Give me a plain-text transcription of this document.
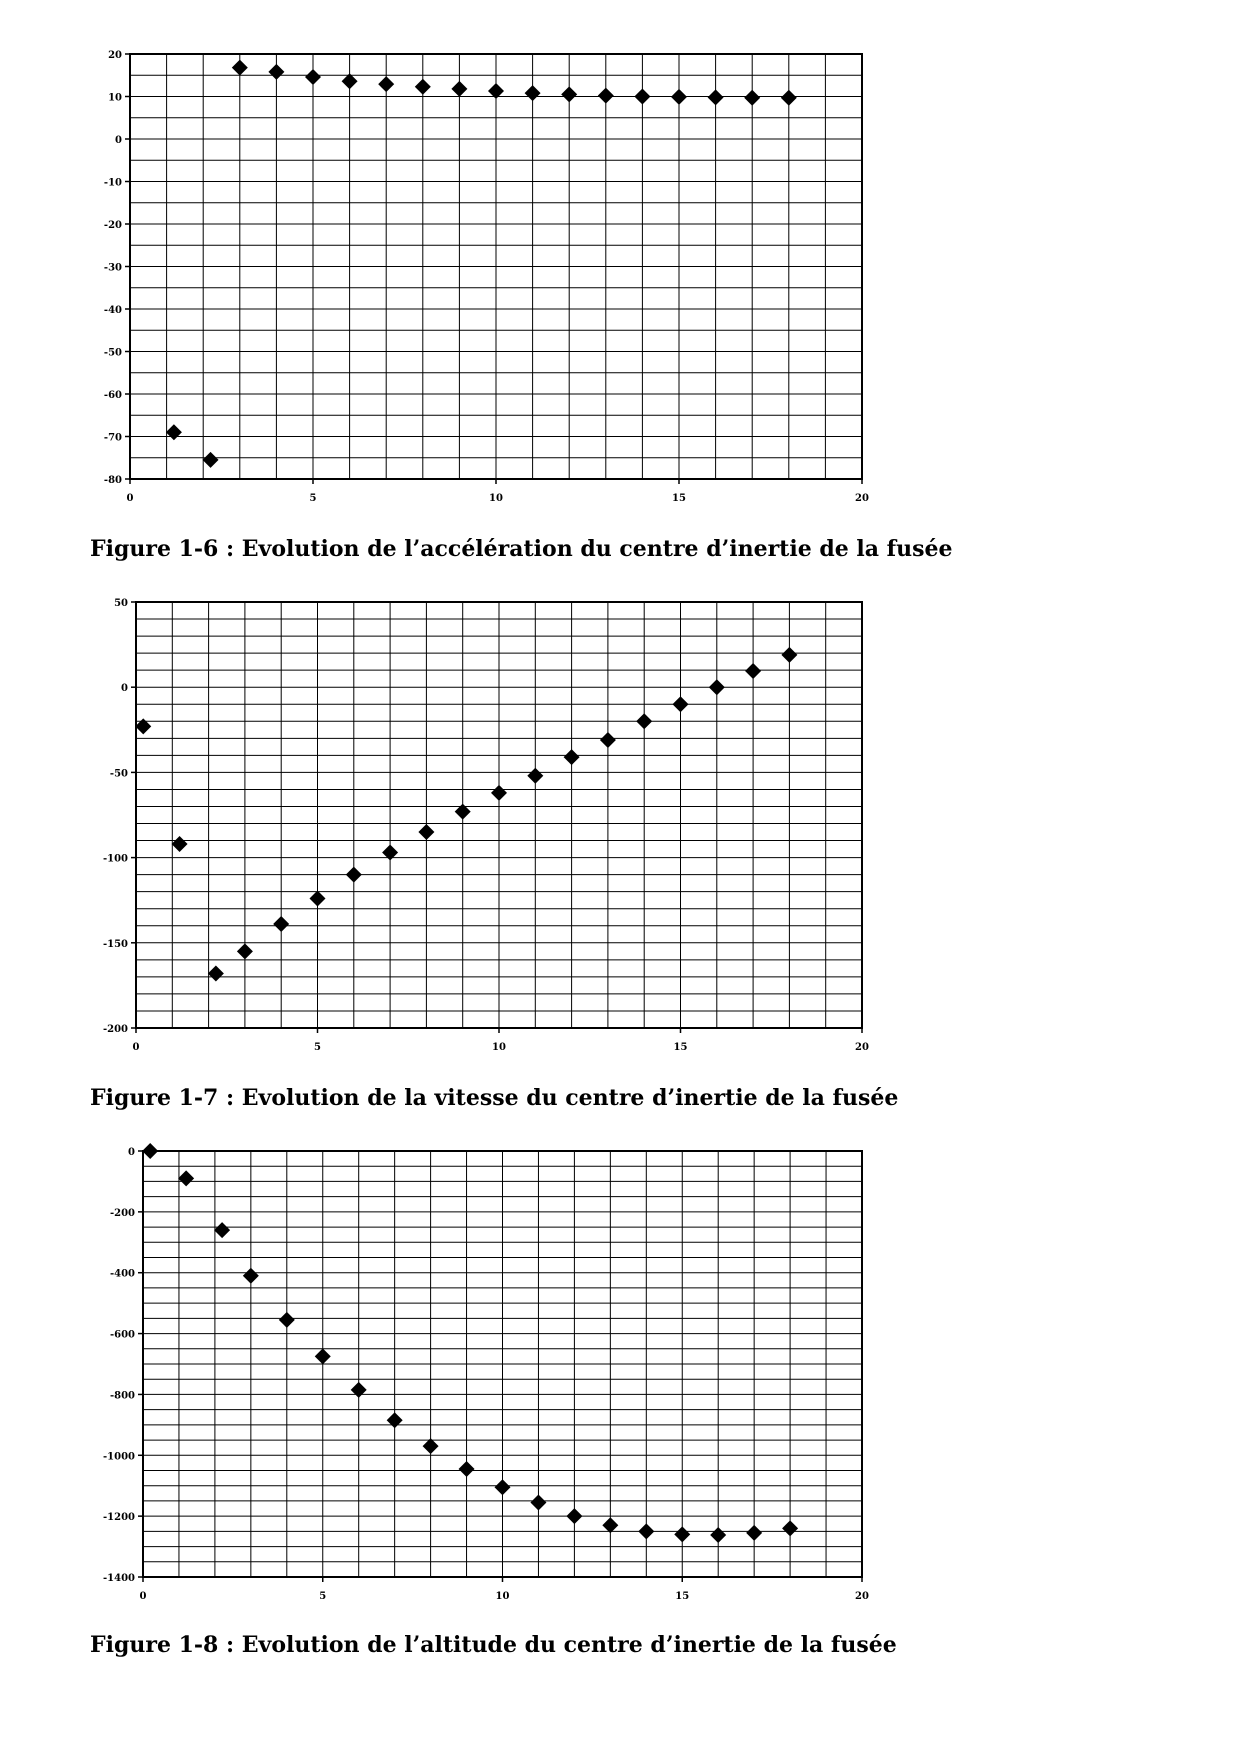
20
10
0
-10
-20
-30
-40
-50
-60
-70
-80
0	5	10	15	20

Figure 1-6 : Evolution de l’accélération du centre d’inertie de la fusée

50
0
-50
-100
-150
-200
0	5	10	15	20

Figure 1-7 : Evolution de la vitesse du centre d’inertie de la fusée

0
-200
-400
-600
-800
-1000
-1200
-1400
0	5	10	15	20

Figure 1-8 : Evolution de l’altitude du centre d’inertie de la fusée
